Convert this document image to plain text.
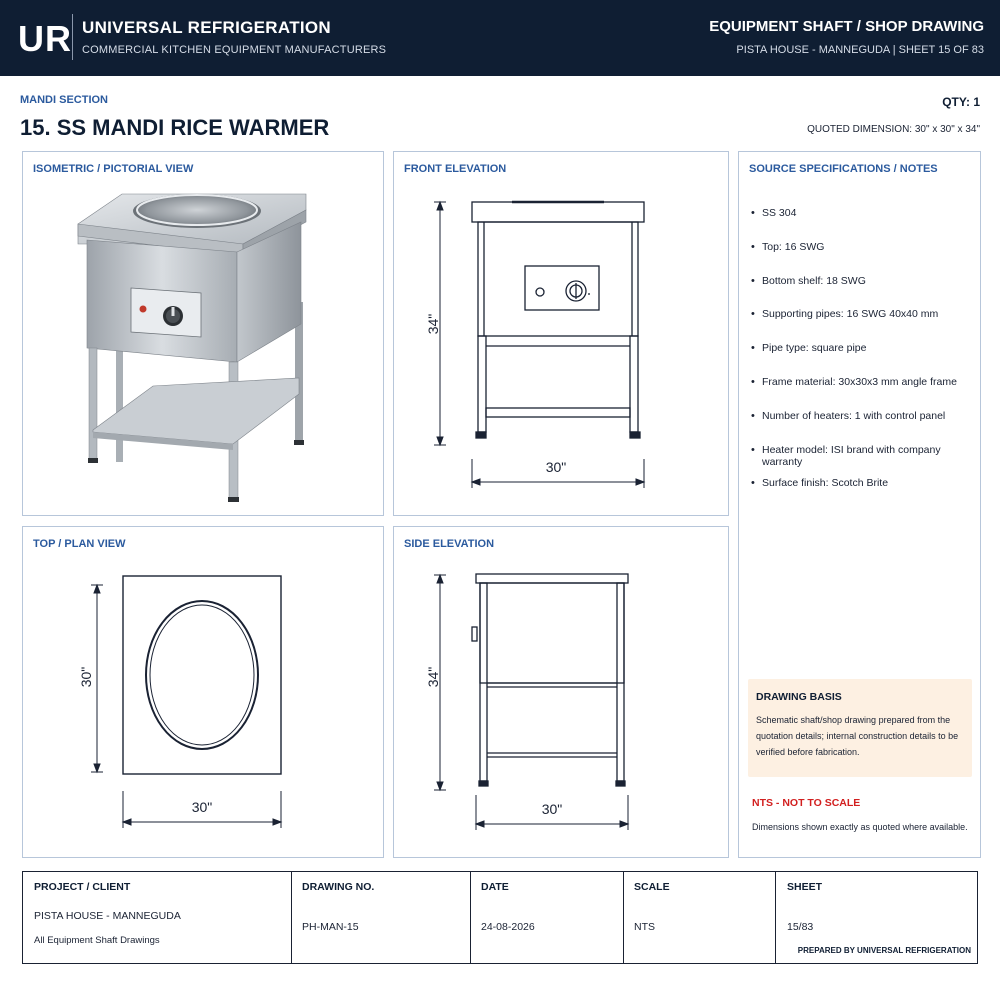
UR UNIVERSAL REFRIGERATION
COMMERCIAL KITCHEN EQUIPMENT MANUFACTURERS
EQUIPMENT SHAFT / SHOP DRAWING
PISTA HOUSE - MANNEGUDA | SHEET 15 OF 83
MANDI SECTION
15. SS MANDI RICE WARMER
QTY: 1
QUOTED DIMENSION: 30" x 30" x 34"
ISOMETRIC / PICTORIAL VIEW
34"
30"
FRONT ELEVATION	SOURCE SPECIFICATIONS / NOTES
• SS 304
• Top: 16 SWG
• Bottom shelf: 18 SWG
• Supporting pipes: 16 SWG 40x40 mm
• Pipe type: square pipe
• Frame material: 30x30x3 mm angle frame
• Number of heaters: 1 with control panel
• Heater model: ISI brand with company warranty
• Surface finish: Scotch Brite
DRAWING BASIS
Schematic shaft/shop drawing prepared from the quotation details; internal construction details to be verified before fabrication.
NTS - NOT TO SCALE
Dimensions shown exactly as quoted where available.
30"
30"
TOP / PLAN VIEW
34"
30"
SIDE ELEVATION
PROJECT / CLIENT
PISTA HOUSE - MANNEGUDA
All Equipment Shaft Drawings
DRAWING NO.
PH-MAN-15
DATE
24-08-2026
SCALE
NTS
SHEET
15/83
PREPARED BY UNIVERSAL REFRIGERATION
